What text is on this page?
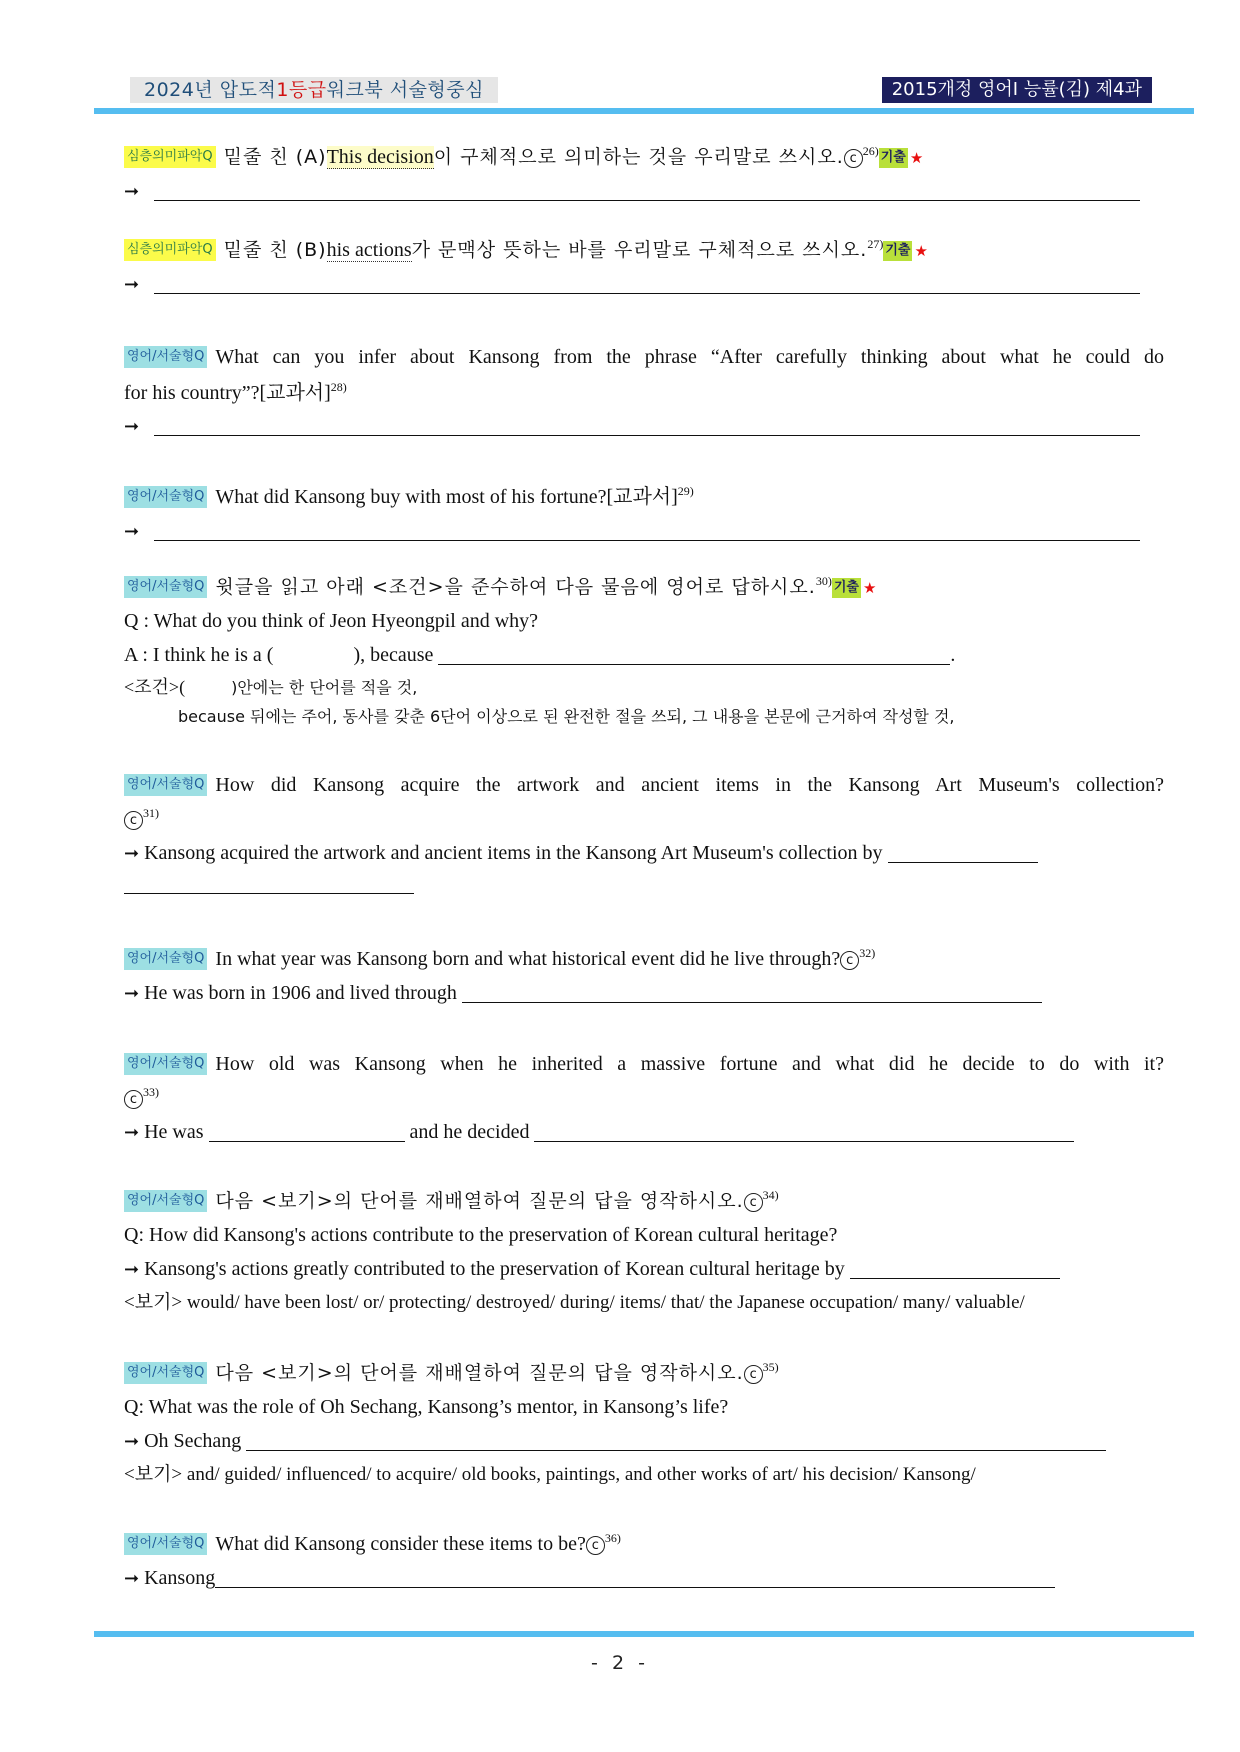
2024년 압도적1등급워크북 서술형중심	2015개정 영어Ⅰ 능률(김) 제4과
심층의미파악Q 밑줄 친 (A)This decision이 구체적으로 의미하는 것을 우리말로 쓰시오. c $^{26)}$ 기출 ★
➞
심층의미파악Q 밑줄 친 (B)his actions가 문맥상 뜻하는 바를 우리말로 구체적으로 쓰시오.$^{27)}$ 기출 ★
➞
영어/서술형Q What can you infer about Kansong from the phrase “After carefully thinking about what he could do
for his country”?[교과서]$^{28)}$
➞
영어/서술형Q What did Kansong buy with most of his fortune?[교과서]$^{29)}$
➞
영어/서술형Q 윗글을 읽고 아래 <조건>을 준수하여 다음 물음에 영어로 답하시오.$^{30)}$ 기출 ★
Q : What do you think of Jeon Hyeongpil and why?
A : I think he is a (	), because	.
<조건>(	)안에는 한 단어를 적을 것,
because 뒤에는 주어, 동사를 갖춘 6단어 이상으로 된 완전한 절을 쓰되, 그 내용을 본문에 근거하여 작성할 것,
영어/서술형Q How did Kansong acquire the artwork and ancient items in the Kansong Art Museum's collection?
c $^{31)}$
➞ Kansong acquired the artwork and ancient items in the Kansong Art Museum's collection by
영어/서술형Q In what year was Kansong born and what historical event did he live through? c $^{32)}$
➞ He was born in 1906 and lived through
영어/서술형Q How old was Kansong when he inherited a massive fortune and what did he decide to do with it?
c $^{33)}$
➞ He was	and he decided
영어/서술형Q 다음 <보기>의 단어를 재배열하여 질문의 답을 영작하시오. c $^{34)}$
Q: How did Kansong's actions contribute to the preservation of Korean cultural heritage?
➞ Kansong's actions greatly contributed to the preservation of Korean cultural heritage by
<보기> would/ have been lost/ or/ protecting/ destroyed/ during/ items/ that/ the Japanese occupation/ many/ valuable/
영어/서술형Q 다음 <보기>의 단어를 재배열하여 질문의 답을 영작하시오. c $^{35)}$
Q: What was the role of Oh Sechang, Kansong’s mentor, in Kansong’s life?
➞ Oh Sechang
<보기> and/ guided/ influenced/ to acquire/ old books, paintings, and other works of art/ his decision/ Kansong/
영어/서술형Q What did Kansong consider these items to be? c $^{36)}$
➞ Kansong
- 2 -
